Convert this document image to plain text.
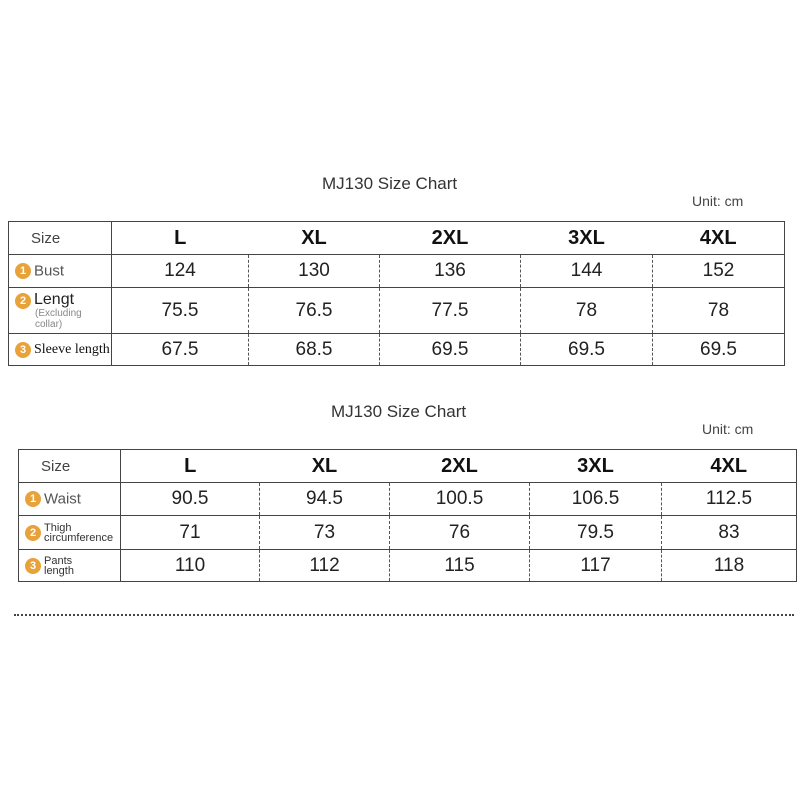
MJ130 Size Chart
Unit: cm
Size	L	XL	2XL	3XL	4XL
1 Bust	124	130	136	144	152
2 Lengt
(Excluding collar)	75.5	76.5	77.5	78	78
3 Sleeve length	67.5	68.5	69.5	69.5	69.5
MJ130 Size Chart
Unit: cm
Size	L	XL	2XL	3XL	4XL
1 Waist	90.5	94.5	100.5	106.5	112.5
2 Thigh circumference	71	73	76	79.5	83
3 Pants length	110	112	115	117	118
